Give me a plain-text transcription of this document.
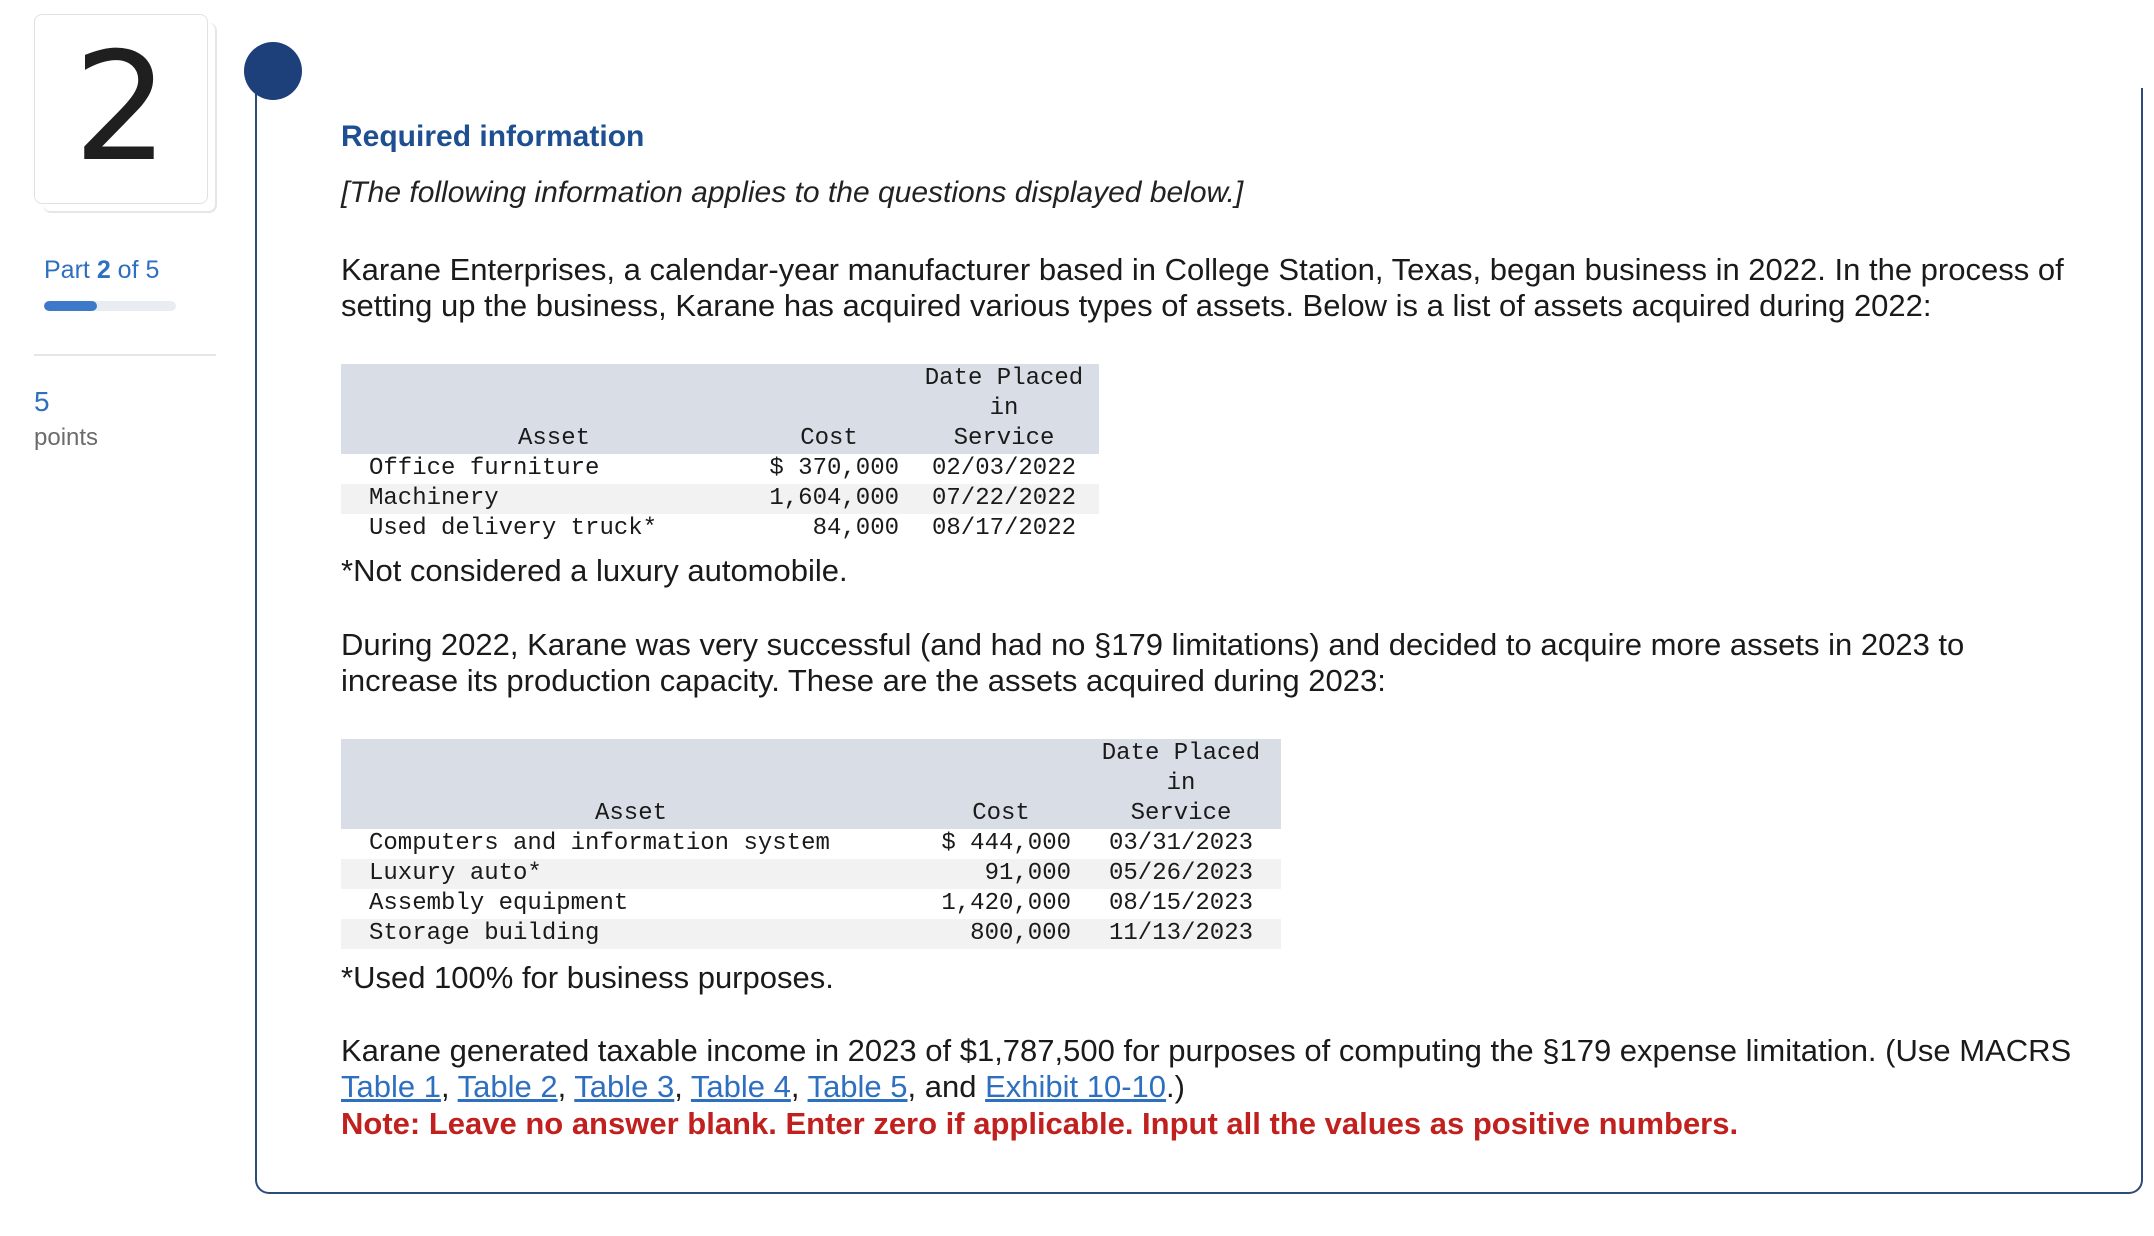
2
Part 2 of 5
5
points
Required information
[The following information applies to the questions displayed below.]
Karane Enterprises, a calendar-year manufacturer based in College Station, Texas, began business in 2022. In the process of setting up the business, Karane has acquired various types of assets. Below is a list of assets acquired during 2022:
Asset	Cost	Date Placed in
Service
Office furniture	$ 370,000	02/03/2022
Machinery	1,604,000	07/22/2022
Used delivery truck*	84,000	08/17/2022
*Not considered a luxury automobile.
During 2022, Karane was very successful (and had no §179 limitations) and decided to acquire more assets in 2023 to increase its production capacity. These are the assets acquired during 2023:
Asset	Cost	Date Placed in
Service
Computers and information system	$ 444,000	03/31/2023
Luxury auto*	91,000	05/26/2023
Assembly equipment	1,420,000	08/15/2023
Storage building	800,000	11/13/2023
*Used 100% for business purposes.
Karane generated taxable income in 2023 of $1,787,500 for purposes of computing the §179 expense limitation. (Use MACRS Table 1, Table 2, Table 3, Table 4, Table 5, and Exhibit 10-10.)
Note: Leave no answer blank. Enter zero if applicable. Input all the values as positive numbers.
